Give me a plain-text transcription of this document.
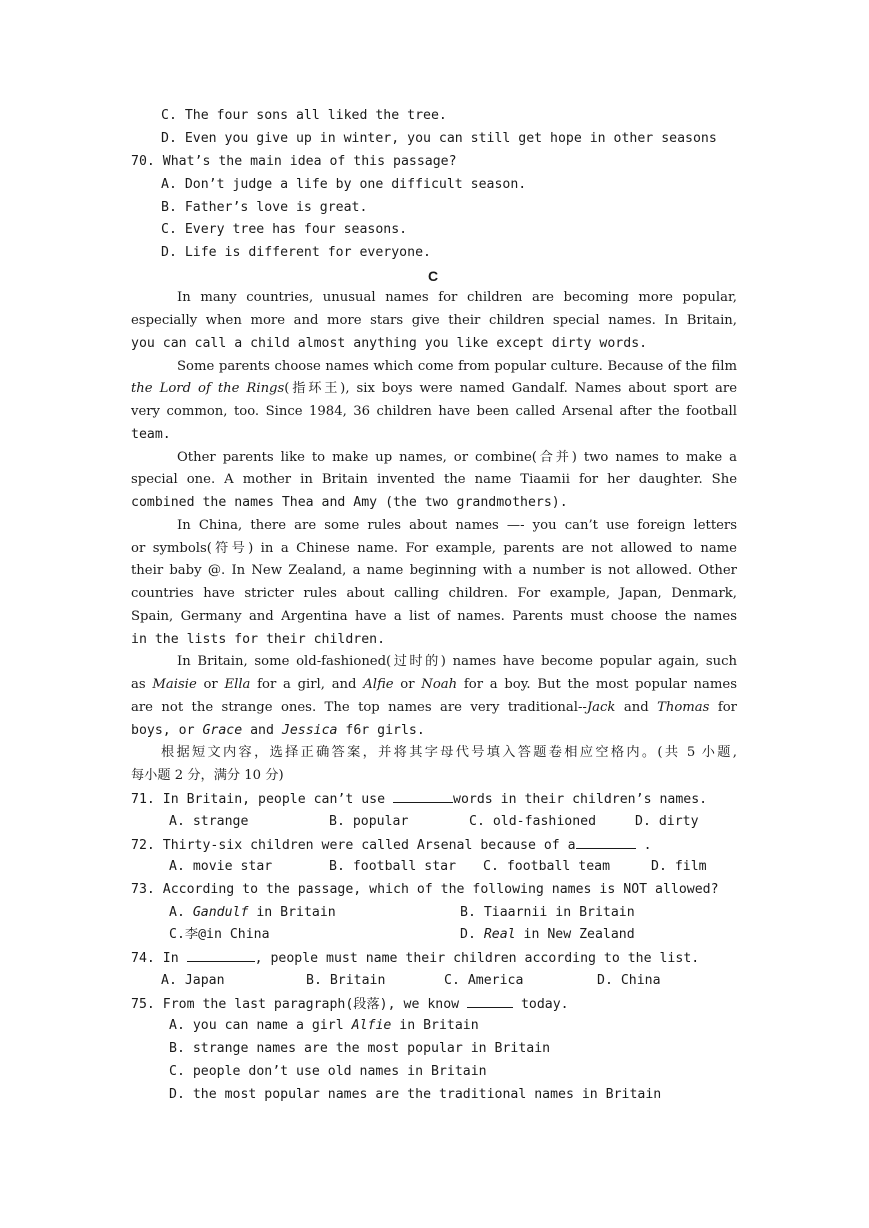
C. The four sons all liked the tree.
D. Even you give up in winter, you can still get hope in other seasons
70. What’s the main idea of this passage?
A. Don’t judge a life by one difficult season.
B. Father’s love is great.
C. Every tree has four seasons.
D. Life is different for everyone.
C
In many countries, unusual names for children are becoming more popular,
especially when more and more stars give their children special names. In Britain,
you can call a child almost anything you like except dirty words.
Some parents choose names which come from popular culture. Because of the film
the Lord of the Rings(指环王), six boys were named Gandalf. Names about sport are
very common, too. Since 1984, 36 children have been called Arsenal after the football
team.
Other parents like to make up names, or combine(合并) two names to make a
special one. A mother in Britain invented the name Tiaamii for her daughter. She
combined the names Thea and Amy (the two grandmothers).
In China, there are some rules about names —- you can’t use foreign letters
or symbols(符号) in a Chinese name. For example, parents are not allowed to name
their baby @. In New Zealand, a name beginning with a number is not allowed. Other
countries have stricter rules about calling children. For example, Japan, Denmark,
Spain, Germany and Argentina have a list of names. Parents must choose the names
in the lists for their children.
In Britain, some old-fashioned(过时的) names have become popular again, such
as Maisie or Ella for a girl, and Alfie or Noah for a boy. But the most popular names
are not the strange ones. The top names are very traditional--Jack and Thomas for
boys, or Grace and Jessica f6r girls.
根据短文内容，选择正确答案，并将其字母代号填入答题卷相应空格内。(共 5 小题,
每小题 2 分，满分 10 分)
71. In Britain, people can’t use	words in their children’s names.
A. strange	B. popular	C. old-fashioned	D. dirty
72. Thirty-six children were called Arsenal because of a	.
A. movie star	B. football star C. football team	D. film
73. According to the passage, which of the following names is NOT allowed?
A. Gandulf in Britain	B. Tiaarnii in Britain
C.李@in China	D. Real in New Zealand
74. In	, people must name their children according to the list.
A. Japan	B. Britain	C. America	D. China
75. From the last paragraph(段落), we know	today.
A. you can name a girl Alfie in Britain
B. strange names are the most popular in Britain
C. people don’t use old names in Britain
D. the most popular names are the traditional names in Britain
